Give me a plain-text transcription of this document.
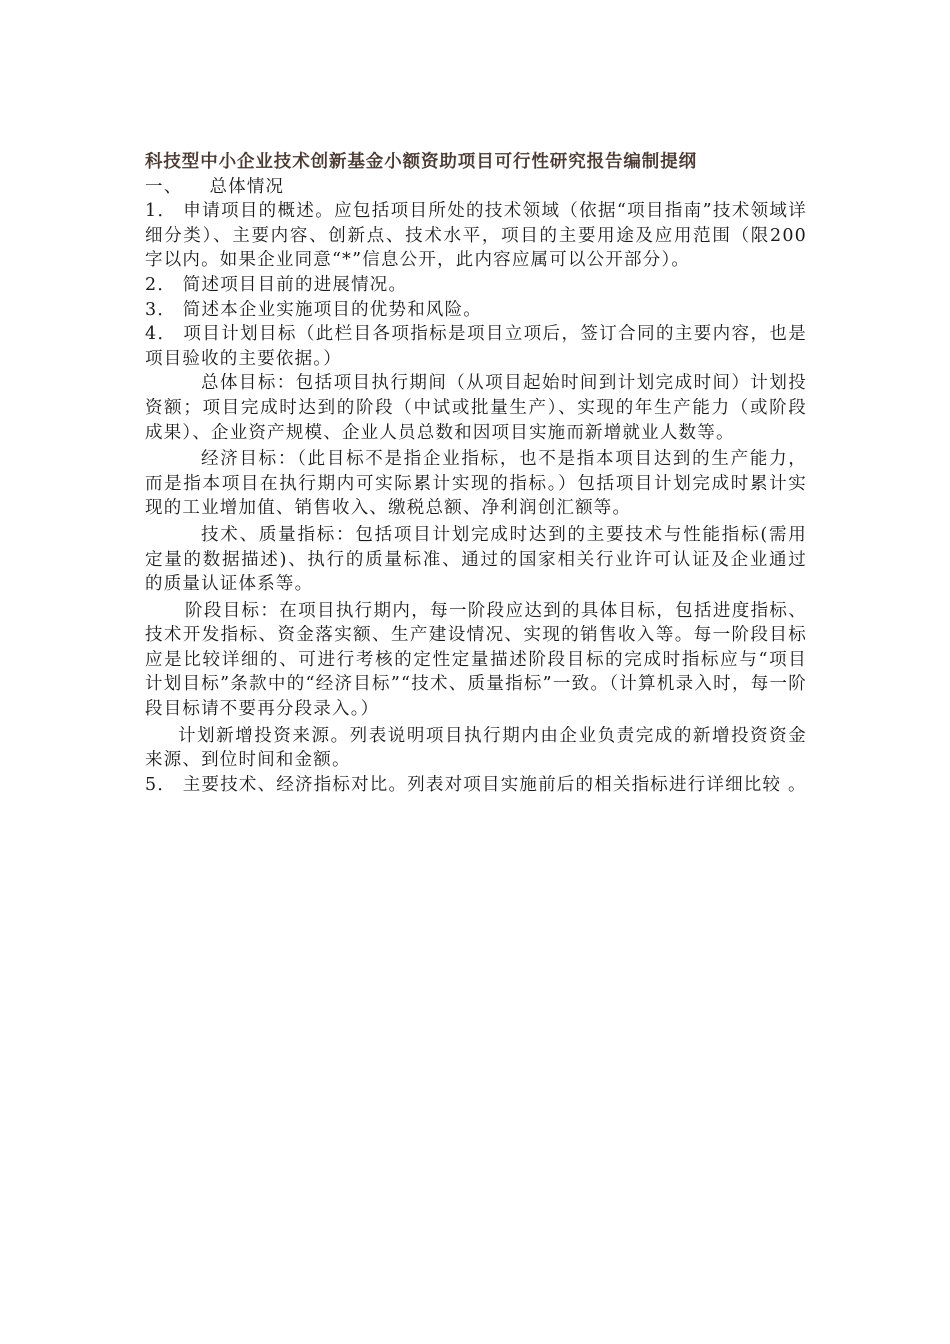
科技型中小企业技术创新基金小额资助项目可行性研究报告编制提纲

一、    总体情况

1． 申请项目的概述。应包括项目所处的技术领域（依据“项目指南”技术领域详细分类）、主要内容、创新点、技术水平，项目的主要用途及应用范围（限200字以内。如果企业同意“*”信息公开，此内容应属可以公开部分）。

2． 简述项目目前的进展情况。

3． 简述本企业实施项目的优势和风险。

4． 项目计划目标（此栏目各项指标是项目立项后，签订合同的主要内容，也是项目验收的主要依据。）

总体目标：包括项目执行期间（从项目起始时间到计划完成时间）计划投资额；项目完成时达到的阶段（中试或批量生产）、实现的年生产能力（或阶段成果）、企业资产规模、企业人员总数和因项目实施而新增就业人数等。

经济目标：（此目标不是指企业指标，也不是指本项目达到的生产能力，而是指本项目在执行期内可实际累计实现的指标。）包括项目计划完成时累计实现的工业增加值、销售收入、缴税总额、净利润创汇额等。

技术、质量指标：包括项目计划完成时达到的主要技术与性能指标(需用定量的数据描述)、执行的质量标准、通过的国家相关行业许可认证及企业通过的质量认证体系等。

阶段目标：在项目执行期内，每一阶段应达到的具体目标，包括进度指标、技术开发指标、资金落实额、生产建设情况、实现的销售收入等。每一阶段目标应是比较详细的、可进行考核的定性定量描述阶段目标的完成时指标应与“项目计划目标”条款中的“经济目标”“技术、质量指标”一致。（计算机录入时，每一阶段目标请不要再分段录入。）

计划新增投资来源。列表说明项目执行期内由企业负责完成的新增投资资金来源、到位时间和金额。

5． 主要技术、经济指标对比。列表对项目实施前后的相关指标进行详细比较 。
